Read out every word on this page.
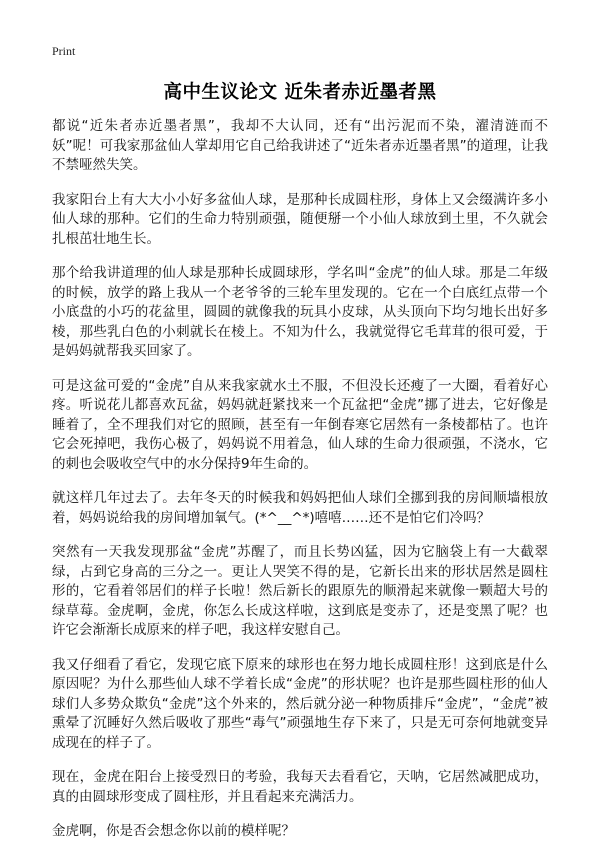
Print
高中生议论文 近朱者赤近墨者黑

都说“近朱者赤近墨者黑”，我却不大认同，还有“出污泥而不染，濯清涟而不妖”呢！可我家那盆仙人掌却用它自己给我讲述了“近朱者赤近墨者黑”的道理，让我不禁哑然失笑。

我家阳台上有大大小小好多盆仙人球，是那种长成圆柱形，身体上又会缀满许多小仙人球的那种。它们的生命力特别顽强，随便掰一个小仙人球放到土里，不久就会扎根茁壮地生长。

那个给我讲道理的仙人球是那种长成圆球形，学名叫“金虎”的仙人球。那是二年级的时候，放学的路上我从一个老爷爷的三轮车里发现的。它在一个白底红点带一个小底盘的小巧的花盆里，圆圆的就像我的玩具小皮球，从头顶向下均匀地长出好多棱，那些乳白色的小刺就长在棱上。不知为什么，我就觉得它毛茸茸的很可爱，于是妈妈就帮我买回家了。

可是这盆可爱的“金虎”自从来我家就水土不服，不但没长还瘦了一大圈，看着好心疼。听说花儿都喜欢瓦盆，妈妈就赶紧找来一个瓦盆把“金虎”挪了进去，它好像是睡着了，全不理我们对它的照顾，甚至有一年倒春寒它居然有一条棱都枯了。也许它会死掉吧，我伤心极了，妈妈说不用着急，仙人球的生命力很顽强，不浇水，它的刺也会吸收空气中的水分保持9年生命的。

就这样几年过去了。去年冬天的时候我和妈妈把仙人球们全挪到我的房间顺墙根放着，妈妈说给我的房间增加氧气。(*^__^*)嘻嘻……还不是怕它们冷吗？

突然有一天我发现那盆“金虎”苏醒了，而且长势凶猛，因为它脑袋上有一大截翠绿，占到它身高的三分之一。更让人哭笑不得的是，它新长出来的形状居然是圆柱形的，它看着邻居们的样子长啦！然后新长的跟原先的顺滑起来就像一颗超大号的绿草莓。金虎啊，金虎，你怎么长成这样啦，这到底是变赤了，还是变黑了呢？也许它会渐渐长成原来的样子吧，我这样安慰自己。

我又仔细看了看它，发现它底下原来的球形也在努力地长成圆柱形！这到底是什么原因呢？为什么那些仙人球不学着长成“金虎”的形状呢？也许是那些圆柱形的仙人球们人多势众欺负“金虎”这个外来的，然后就分泌一种物质排斥“金虎”，“金虎”被熏晕了沉睡好久然后吸收了那些“毒气”顽强地生存下来了，只是无可奈何地就变异成现在的样子了。

现在，金虎在阳台上接受烈日的考验，我每天去看看它，天呐，它居然减肥成功，真的由圆球形变成了圆柱形，并且看起来充满活力。

金虎啊，你是否会想念你以前的模样呢？
